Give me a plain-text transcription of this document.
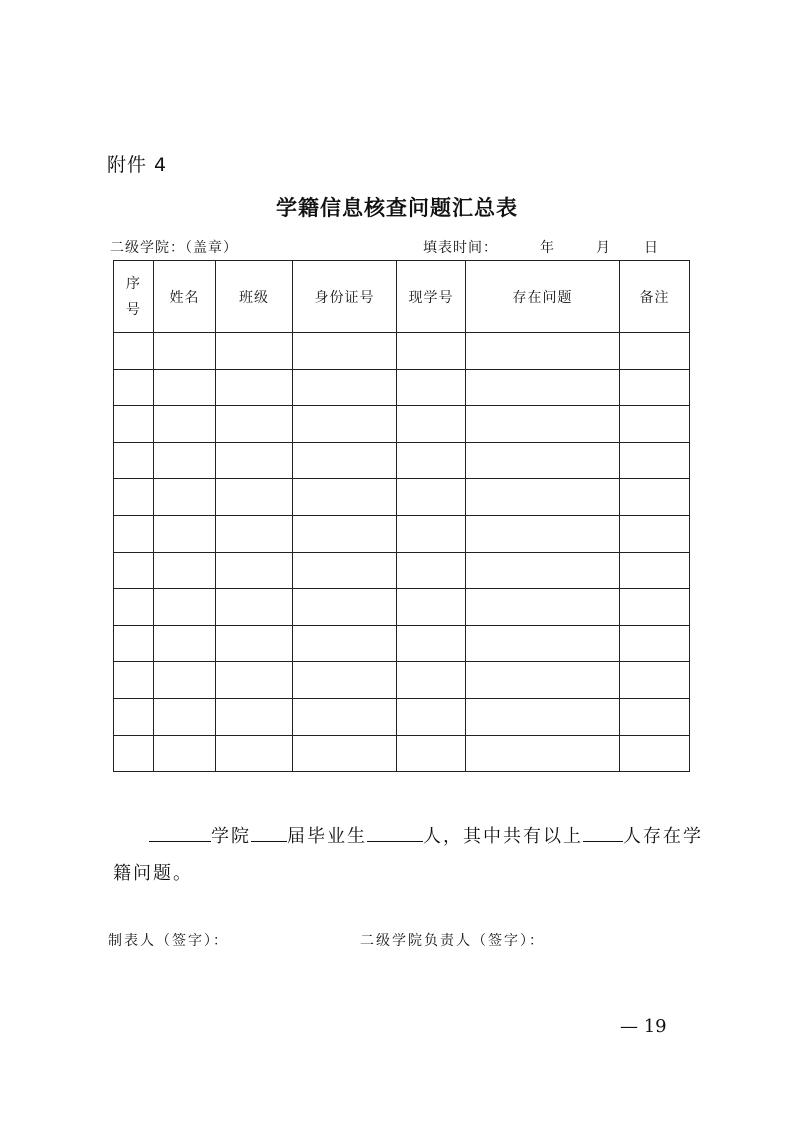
附件 4
学籍信息核查问题汇总表
二级学院：（盖章）	填表时间：	年	月 日
序
号	姓名	班级	身份证号	现学号	存在问题	备注

学院 届毕业生	人，其中共有以上 人存在学籍问题。
制表人（签字）：	二级学院负责人（签字）：
— 19
